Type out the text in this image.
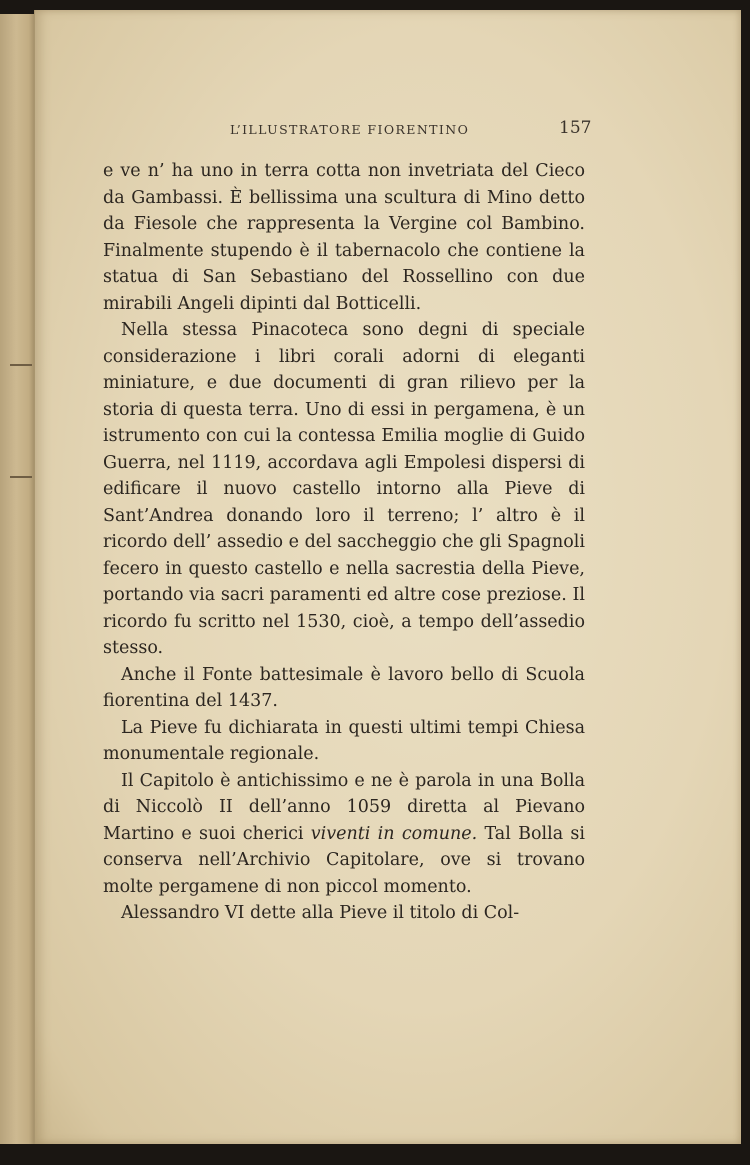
L’ILLUSTRATORE FIORENTINO	157

e ve n’ ha uno in terra cotta non invetriata del Cieco da Gambassi. È bellissima una scultura di Mino detto da Fiesole che rappresenta la Vergine col Bambino. Finalmente stupendo è il tabernacolo che contiene la statua di San Sebastiano del Rossellino con due mirabili Angeli dipinti dal Botticelli.

Nella stessa Pinacoteca sono degni di speciale considerazione i libri corali adorni di eleganti miniature, e due documenti di gran rilievo per la storia di questa terra. Uno di essi in pergamena, è un istrumento con cui la contessa Emilia moglie di Guido Guerra, nel 1119, accordava agli Empolesi dispersi di edificare il nuovo castello intorno alla Pieve di Sant’Andrea donando loro il terreno; l’ altro è il ricordo dell’ assedio e del saccheggio che gli Spagnoli fecero in questo castello e nella sacrestia della Pieve, portando via sacri paramenti ed altre cose preziose. Il ricordo fu scritto nel 1530, cioè, a tempo dell’assedio stesso.

Anche il Fonte battesimale è lavoro bello di Scuola fiorentina del 1437.

La Pieve fu dichiarata in questi ultimi tempi Chiesa monumentale regionale.

Il Capitolo è antichissimo e ne è parola in una Bolla di Niccolò II dell’anno 1059 diretta al Pievano Martino e suoi cherici viventi in comune. Tal Bolla si conserva nell’Archivio Capitolare, ove si trovano molte pergamene di non piccol momento.

Alessandro VI dette alla Pieve il titolo di Col-
